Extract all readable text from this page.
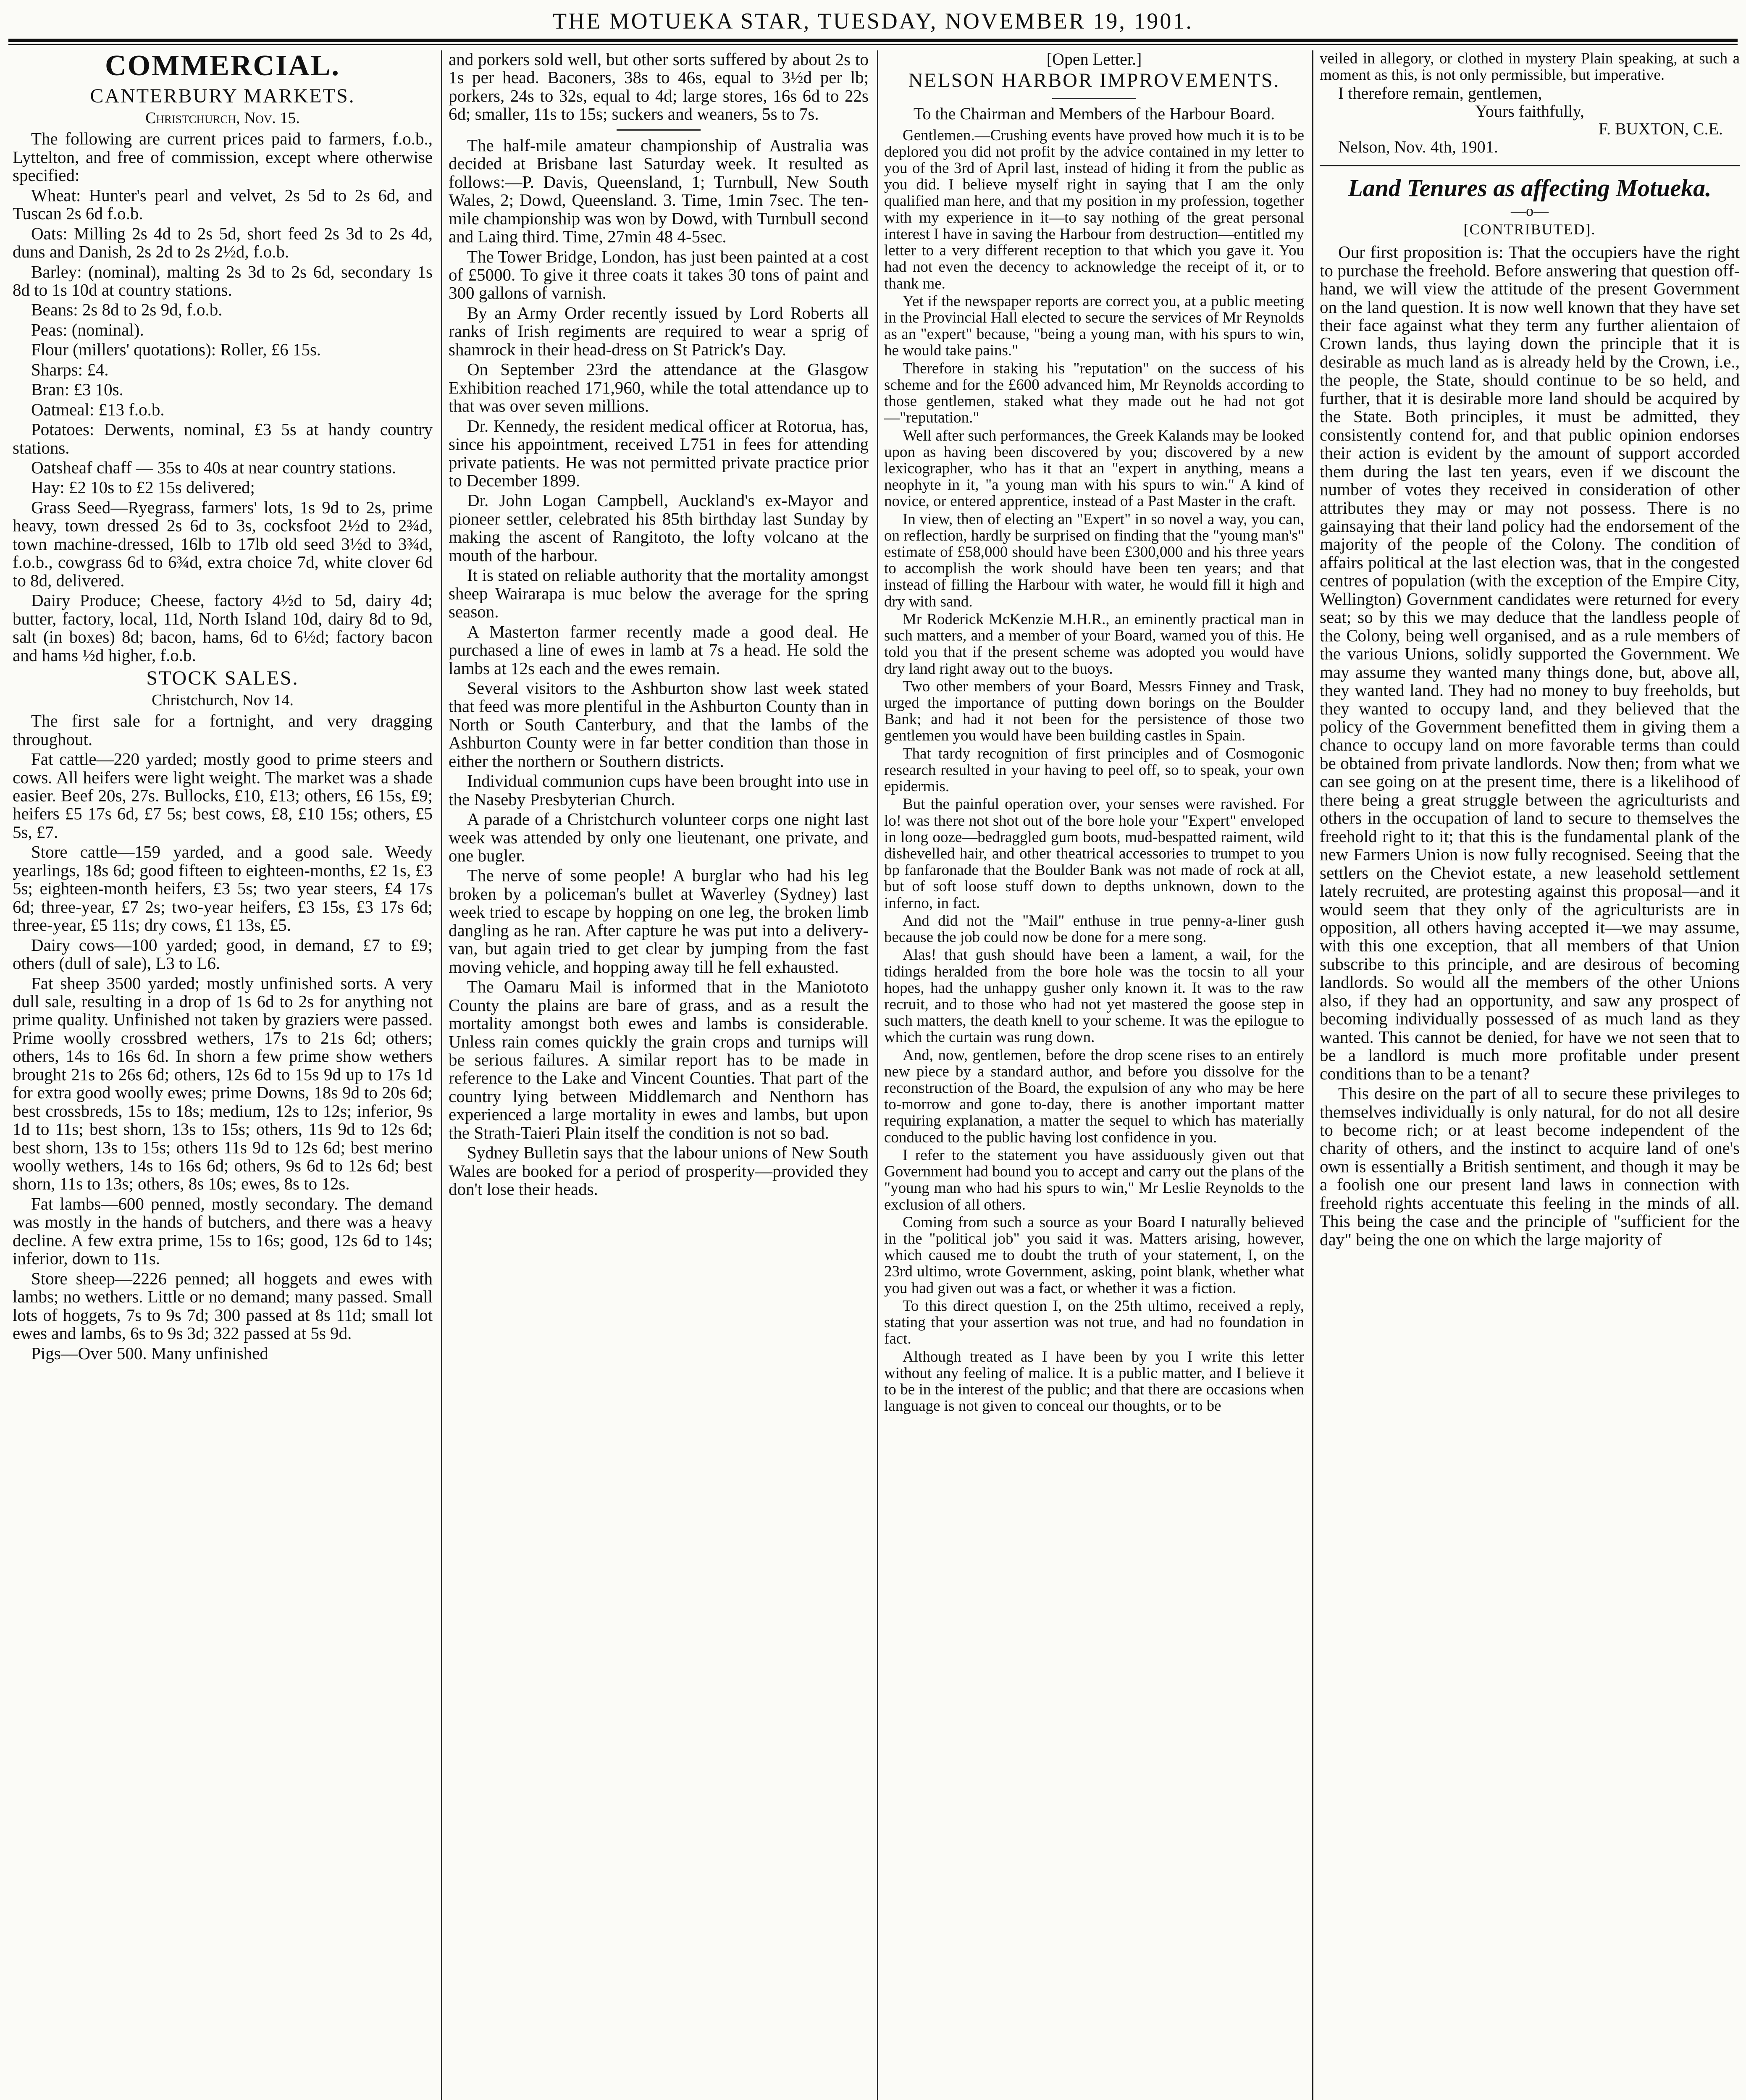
THE MOTUEKA STAR, TUESDAY, NOVEMBER 19, 1901.
COMMERCIAL.
CANTERBURY MARKETS.
Christchurch, Nov. 15.

The following are current prices paid to farmers, f.o.b., Lyttelton, and free of commission, except where otherwise specified:

Wheat: Hunter's pearl and velvet, 2s 5d to 2s 6d, and Tuscan 2s 6d f.o.b.

Oats: Milling 2s 4d to 2s 5d, short feed 2s 3d to 2s 4d, duns and Danish, 2s 2d to 2s 2½d, f.o.b.

Barley: (nominal), malting 2s 3d to 2s 6d, secondary 1s 8d to 1s 10d at country stations.

Beans: 2s 8d to 2s 9d, f.o.b.

Peas: (nominal).

Flour (millers' quotations): Roller, £6 15s.

Sharps: £4.

Bran: £3 10s.

Oatmeal: £13 f.o.b.

Potatoes: Derwents, nominal, £3 5s at handy country stations.

Oatsheaf chaff — 35s to 40s at near country stations.

Hay: £2 10s to £2 15s delivered;

Grass Seed—Ryegrass, farmers' lots, 1s 9d to 2s, prime heavy, town dressed 2s 6d to 3s, cocksfoot 2½d to 2¾d, town machine-dressed, 16lb to 17lb old seed 3½d to 3¾d, f.o.b., cowgrass 6d to 6¾d, extra choice 7d, white clover 6d to 8d, delivered.

Dairy Produce; Cheese, factory 4½d to 5d, dairy 4d; butter, factory, local, 11d, North Island 10d, dairy 8d to 9d, salt (in boxes) 8d; bacon, hams, 6d to 6½d; factory bacon and hams ½d higher, f.o.b.

STOCK SALES.
Christchurch, Nov 14.

The first sale for a fortnight, and very dragging throughout.

Fat cattle—220 yarded; mostly good to prime steers and cows. All heifers were light weight. The market was a shade easier. Beef 20s, 27s. Bullocks, £10, £13; others, £6 15s, £9; heifers £5 17s 6d, £7 5s; best cows, £8, £10 15s; others, £5 5s, £7.

Store cattle—159 yarded, and a good sale. Weedy yearlings, 18s 6d; good fifteen to eighteen-months, £2 1s, £3 5s; eighteen-month heifers, £3 5s; two year steers, £4 17s 6d; three-year, £7 2s; two-year heifers, £3 15s, £3 17s 6d; three-year, £5 11s; dry cows, £1 13s, £5.

Dairy cows—100 yarded; good, in demand, £7 to £9; others (dull of sale), L3 to L6.

Fat sheep 3500 yarded; mostly unfinished sorts. A very dull sale, resulting in a drop of 1s 6d to 2s for anything not prime quality. Unfinished not taken by graziers were passed. Prime woolly crossbred wethers, 17s to 21s 6d; others; others, 14s to 16s 6d. In shorn a few prime show wethers brought 21s to 26s 6d; others, 12s 6d to 15s 9d up to 17s 1d for extra good woolly ewes; prime Downs, 18s 9d to 20s 6d; best crossbreds, 15s to 18s; medium, 12s to 12s; inferior, 9s 1d to 11s; best shorn, 13s to 15s; others, 11s 9d to 12s 6d; best shorn, 13s to 15s; others 11s 9d to 12s 6d; best merino woolly wethers, 14s to 16s 6d; others, 9s 6d to 12s 6d; best shorn, 11s to 13s; others, 8s 10s; ewes, 8s to 12s.

Fat lambs—600 penned, mostly secondary. The demand was mostly in the hands of butchers, and there was a heavy decline. A few extra prime, 15s to 16s; good, 12s 6d to 14s; inferior, down to 11s.

Store sheep—2226 penned; all hoggets and ewes with lambs; no wethers. Little or no demand; many passed. Small lots of hoggets, 7s to 9s 7d; 300 passed at 8s 11d; small lot ewes and lambs, 6s to 9s 3d; 322 passed at 5s 9d.

Pigs—Over 500. Many unfinished

and porkers sold well, but other sorts suffered by about 2s to 1s per head. Baconers, 38s to 46s, equal to 3½d per lb; porkers, 24s to 32s, equal to 4d; large stores, 16s 6d to 22s 6d; smaller, 11s to 15s; suckers and weaners, 5s to 7s.

The half-mile amateur championship of Australia was decided at Brisbane last Saturday week. It resulted as follows:—P. Davis, Queensland, 1; Turnbull, New South Wales, 2; Dowd, Queensland. 3. Time, 1min 7sec. The ten-mile championship was won by Dowd, with Turnbull second and Laing third. Time, 27min 48 4-5sec.

The Tower Bridge, London, has just been painted at a cost of £5000. To give it three coats it takes 30 tons of paint and 300 gallons of varnish.

By an Army Order recently issued by Lord Roberts all ranks of Irish regiments are required to wear a sprig of shamrock in their head-dress on St Patrick's Day.

On September 23rd the attendance at the Glasgow Exhibition reached 171,960, while the total attendance up to that was over seven millions.

Dr. Kennedy, the resident medical officer at Rotorua, has, since his appointment, received L751 in fees for attending private patients. He was not permitted private practice prior to December 1899.

Dr. John Logan Campbell, Auckland's ex-Mayor and pioneer settler, celebrated his 85th birthday last Sunday by making the ascent of Rangitoto, the lofty volcano at the mouth of the harbour.

It is stated on reliable authority that the mortality amongst sheep Wairarapa is muc below the average for the spring season.

A Masterton farmer recently made a good deal. He purchased a line of ewes in lamb at 7s a head. He sold the lambs at 12s each and the ewes remain.

Several visitors to the Ashburton show last week stated that feed was more plentiful in the Ashburton County than in North or South Canterbury, and that the lambs of the Ashburton County were in far better condition than those in either the northern or Southern districts.

Individual communion cups have been brought into use in the Naseby Presbyterian Church.

A parade of a Christchurch volunteer corps one night last week was attended by only one lieutenant, one private, and one bugler.

The nerve of some people! A burglar who had his leg broken by a policeman's bullet at Waverley (Sydney) last week tried to escape by hopping on one leg, the broken limb dangling as he ran. After capture he was put into a delivery-van, but again tried to get clear by jumping from the fast moving vehicle, and hopping away till he fell exhausted.

The Oamaru Mail is informed that in the Maniototo County the plains are bare of grass, and as a result the mortality amongst both ewes and lambs is considerable. Unless rain comes quickly the grain crops and turnips will be serious failures. A similar report has to be made in reference to the Lake and Vincent Counties. That part of the country lying between Middlemarch and Nenthorn has experienced a large mortality in ewes and lambs, but upon the Strath-Taieri Plain itself the condition is not so bad.

Sydney Bulletin says that the labour unions of New South Wales are booked for a period of prosperity—provided they don't lose their heads.

[Open Letter.]
NELSON HARBOR IMPROVEMENTS.
To the Chairman and Members of the Harbour Board.

Gentlemen.—Crushing events have proved how much it is to be deplored you did not profit by the advice contained in my letter to you of the 3rd of April last, instead of hiding it from the public as you did. I believe myself right in saying that I am the only qualified man here, and that my position in my profession, together with my experience in it—to say nothing of the great personal interest I have in saving the Harbour from destruction—entitled my letter to a very different reception to that which you gave it. You had not even the decency to acknowledge the receipt of it, or to thank me.

Yet if the newspaper reports are correct you, at a public meeting in the Provincial Hall elected to secure the services of Mr Reynolds as an "expert" because, "being a young man, with his spurs to win, he would take pains."

Therefore in staking his "reputation" on the success of his scheme and for the £600 advanced him, Mr Reynolds according to those gentlemen, staked what they made out he had not got—"reputation."

Well after such performances, the Greek Kalands may be looked upon as having been discovered by you; discovered by a new lexicographer, who has it that an "expert in anything, means a neophyte in it, "a young man with his spurs to win." A kind of novice, or entered apprentice, instead of a Past Master in the craft.

In view, then of electing an "Expert" in so novel a way, you can, on reflection, hardly be surprised on finding that the "young man's" estimate of £58,000 should have been £300,000 and his three years to accomplish the work should have been ten years; and that instead of filling the Harbour with water, he would fill it high and dry with sand.

Mr Roderick McKenzie M.H.R., an eminently practical man in such matters, and a member of your Board, warned you of this. He told you that if the present scheme was adopted you would have dry land right away out to the buoys.

Two other members of your Board, Messrs Finney and Trask, urged the importance of putting down borings on the Boulder Bank; and had it not been for the persistence of those two gentlemen you would have been building castles in Spain.

That tardy recognition of first principles and of Cosmogonic research resulted in your having to peel off, so to speak, your own epidermis.

But the painful operation over, your senses were ravished. For lo! was there not shot out of the bore hole your "Expert" enveloped in long ooze—bedraggled gum boots, mud-bespatted raiment, wild dishevelled hair, and other theatrical accessories to trumpet to you bp fanfaronade that the Boulder Bank was not made of rock at all, but of soft loose stuff down to depths unknown, down to the inferno, in fact.

And did not the "Mail" enthuse in true penny-a-liner gush because the job could now be done for a mere song.

Alas! that gush should have been a lament, a wail, for the tidings heralded from the bore hole was the tocsin to all your hopes, had the unhappy gusher only known it. It was to the raw recruit, and to those who had not yet mastered the goose step in such matters, the death knell to your scheme. It was the epilogue to which the curtain was rung down.

And, now, gentlemen, before the drop scene rises to an entirely new piece by a standard author, and before you dissolve for the reconstruction of the Board, the expulsion of any who may be here to-morrow and gone to-day, there is another important matter requiring explanation, a matter the sequel to which has materially conduced to the public having lost confidence in you.

I refer to the statement you have assiduously given out that Government had bound you to accept and carry out the plans of the "young man who had his spurs to win," Mr Leslie Reynolds to the exclusion of all others.

Coming from such a source as your Board I naturally believed in the "political job" you said it was. Matters arising, however, which caused me to doubt the truth of your statement, I, on the 23rd ultimo, wrote Government, asking, point blank, whether what you had given out was a fact, or whether it was a fiction.

To this direct question I, on the 25th ultimo, received a reply, stating that your assertion was not true, and had no foundation in fact.

Although treated as I have been by you I write this letter without any feeling of malice. It is a public matter, and I believe it to be in the interest of the public; and that there are occasions when language is not given to conceal our thoughts, or to be

veiled in allegory, or clothed in mystery Plain speaking, at such a moment as this, is not only permissible, but imperative.

I therefore remain, gentlemen,
Yours faithfully,
F. BUXTON, C.E.
Nelson, Nov. 4th, 1901.
Land Tenures as affecting Motueka.
—o—
[CONTRIBUTED].

Our first proposition is: That the occupiers have the right to purchase the freehold. Before answering that question off-hand, we will view the attitude of the present Government on the land question. It is now well known that they have set their face against what they term any further alientaion of Crown lands, thus laying down the principle that it is desirable as much land as is already held by the Crown, i.e., the people, the State, should continue to be so held, and further, that it is desirable more land should be acquired by the State. Both principles, it must be admitted, they consistently contend for, and that public opinion endorses their action is evident by the amount of support accorded them during the last ten years, even if we discount the number of votes they received in consideration of other attributes they may or may not possess. There is no gainsaying that their land policy had the endorsement of the majority of the people of the Colony. The condition of affairs political at the last election was, that in the congested centres of population (with the exception of the Empire City, Wellington) Government candidates were returned for every seat; so by this we may deduce that the landless people of the Colony, being well organised, and as a rule members of the various Unions, solidly supported the Government. We may assume they wanted many things done, but, above all, they wanted land. They had no money to buy freeholds, but they wanted to occupy land, and they believed that the policy of the Government benefitted them in giving them a chance to occupy land on more favorable terms than could be obtained from private landlords. Now then; from what we can see going on at the present time, there is a likelihood of there being a great struggle between the agriculturists and others in the occupation of land to secure to themselves the freehold right to it; that this is the fundamental plank of the new Farmers Union is now fully recognised. Seeing that the settlers on the Cheviot estate, a new leasehold settlement lately recruited, are protesting against this proposal—and it would seem that they only of the agriculturists are in opposition, all others having accepted it—we may assume, with this one exception, that all members of that Union subscribe to this principle, and are desirous of becoming landlords. So would all the members of the other Unions also, if they had an opportunity, and saw any prospect of becoming individually possessed of as much land as they wanted. This cannot be denied, for have we not seen that to be a landlord is much more profitable under present conditions than to be a tenant?

This desire on the part of all to secure these privileges to themselves individually is only natural, for do not all desire to become rich; or at least become independent of the charity of others, and the instinct to acquire land of one's own is essentially a British sentiment, and though it may be a foolish one our present land laws in connection with freehold rights accentuate this feeling in the minds of all. This being the case and the principle of "sufficient for the day" being the one on which the large majority of
